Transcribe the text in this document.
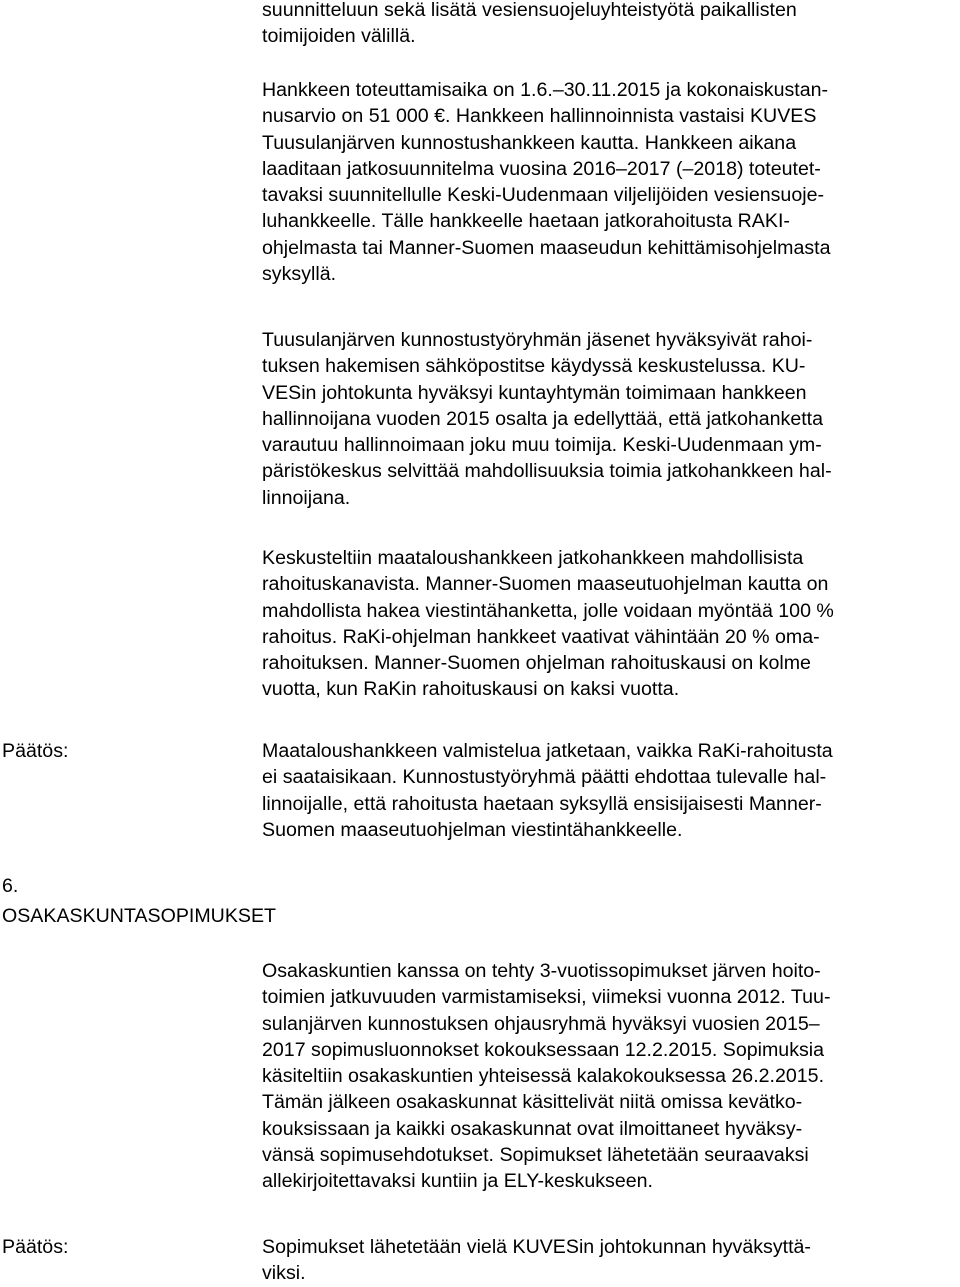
suunnitteluun sekä lisätä vesiensuojeluyhteistyötä paikallisten
toimijoiden välillä.
Hankkeen toteuttamisaika on 1.6.–30.11.2015 ja kokonaiskustan-
nusarvio on 51 000 €. Hankkeen hallinnoinnista vastaisi KUVES
Tuusulanjärven kunnostushankkeen kautta. Hankkeen aikana
laaditaan jatkosuunnitelma vuosina 2016–2017 (–2018) toteutet-
tavaksi suunnitellulle Keski-Uudenmaan viljelijöiden vesiensuoje-
luhankkeelle. Tälle hankkeelle haetaan jatkorahoitusta RAKI-
ohjelmasta tai Manner-Suomen maaseudun kehittämisohjelmasta
syksyllä.
Tuusulanjärven kunnostustyöryhmän jäsenet hyväksyivät rahoi-
tuksen hakemisen sähköpostitse käydyssä keskustelussa. KU-
VESin johtokunta hyväksyi kuntayhtymän toimimaan hankkeen
hallinnoijana vuoden 2015 osalta ja edellyttää, että jatkohanketta
varautuu hallinnoimaan joku muu toimija. Keski-Uudenmaan ym-
päristökeskus selvittää mahdollisuuksia toimia jatkohankkeen hal-
linnoijana.
Keskusteltiin maataloushankkeen jatkohankkeen mahdollisista
rahoituskanavista. Manner-Suomen maaseutuohjelman kautta on
mahdollista hakea viestintähanketta, jolle voidaan myöntää 100 %
rahoitus. RaKi-ohjelman hankkeet vaativat vähintään 20 % oma-
rahoituksen. Manner-Suomen ohjelman rahoituskausi on kolme
vuotta, kun RaKin rahoituskausi on kaksi vuotta.
Päätös:	Maataloushankkeen valmistelua jatketaan, vaikka RaKi-rahoitusta
ei saataisikaan. Kunnostustyöryhmä päätti ehdottaa tulevalle hal-
linnoijalle, että rahoitusta haetaan syksyllä ensisijaisesti Manner-
Suomen maaseutuohjelman viestintähankkeelle.
6.
OSAKASKUNTASOPIMUKSET
Osakaskuntien kanssa on tehty 3-vuotissopimukset järven hoito-
toimien jatkuvuuden varmistamiseksi, viimeksi vuonna 2012. Tuu-
sulanjärven kunnostuksen ohjausryhmä hyväksyi vuosien 2015–
2017 sopimusluonnokset kokouksessaan 12.2.2015. Sopimuksia
käsiteltiin osakaskuntien yhteisessä kalakokouksessa 26.2.2015.
Tämän jälkeen osakaskunnat käsittelivät niitä omissa kevätko-
kouksissaan ja kaikki osakaskunnat ovat ilmoittaneet hyväksy-
vänsä sopimusehdotukset. Sopimukset lähetetään seuraavaksi
allekirjoitettavaksi kuntiin ja ELY-keskukseen.
Päätös:	Sopimukset lähetetään vielä KUVESin johtokunnan hyväksyttä-
viksi.
